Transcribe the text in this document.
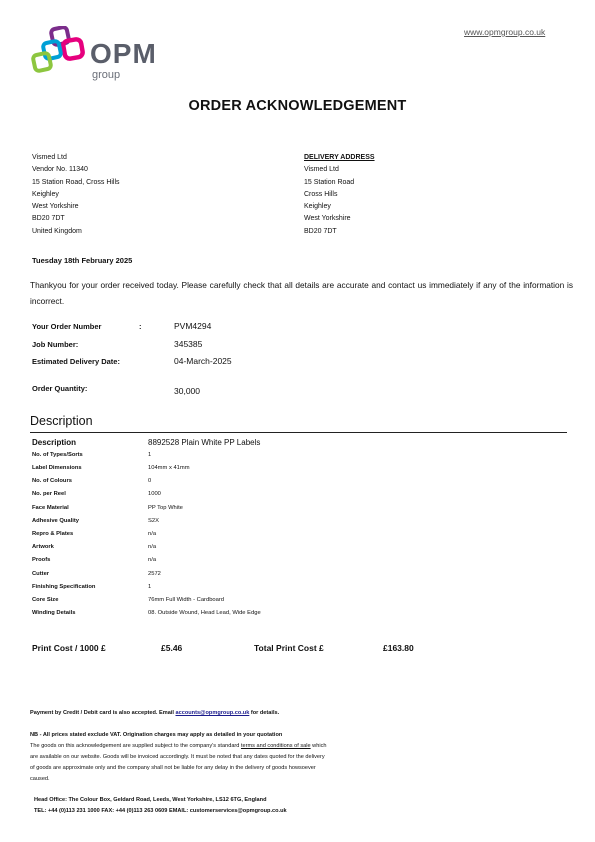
www.opmgroup.co.uk
OPM
group
ORDER ACKNOWLEDGEMENT
Vismed Ltd
Vendor No. 11340
15 Station Road, Cross Hills
Keighley
West Yorkshire
BD20 7DT
United Kingdom
DELIVERY ADDRESS
Vismed Ltd
15 Station Road
Cross Hills
Keighley
West Yorkshire
BD20 7DT
Tuesday 18th February 2025
Thankyou for your order received today. Please carefully check that all details are accurate and contact us immediately if any of the information is incorrect.
Your Order Number	:	PVM4294
Job Number:	345385
Estimated Delivery Date:	04-March-2025
Order Quantity:	30,000
Description
Description	8892528 Plain White PP Labels
No. of Types/Sorts	1
Label Dimensions	104mm x 41mm
No. of Colours	0
No. per Reel	1000
Face Material	PP Top White
Adhesive Quality	S2X
Repro & Plates	n/a
Artwork	n/a
Proofs	n/a
Cutter	2572
Finishing Specification	1
Core Size	76mm Full Width - Cardboard
Winding Details	08. Outside Wound, Head Lead, Wide Edge
Print Cost / 1000 £	£5.46	Total Print Cost £	£163.80
Payment by Credit / Debit card is also accepted. Email accounts@opmgroup.co.uk for details.
NB - All prices stated exclude VAT. Origination charges may apply as detailed in your quotation
The goods on this acknowledgement are supplied subject to the company's standard terms and conditions of sale which
are available on our website. Goods will be invoiced accordingly. It must be noted that any dates quoted for the delivery
of goods are approximate only and the company shall not be liable for any delay in the delivery of goods howsoever
caused.
Head Office: The Colour Box, Geldard Road, Leeds, West Yorkshire, LS12 6TG, England
TEL: +44 (0)113 231 1000 FAX: +44 (0)113 263 0609 EMAIL: customerservices@opmgroup.co.uk
